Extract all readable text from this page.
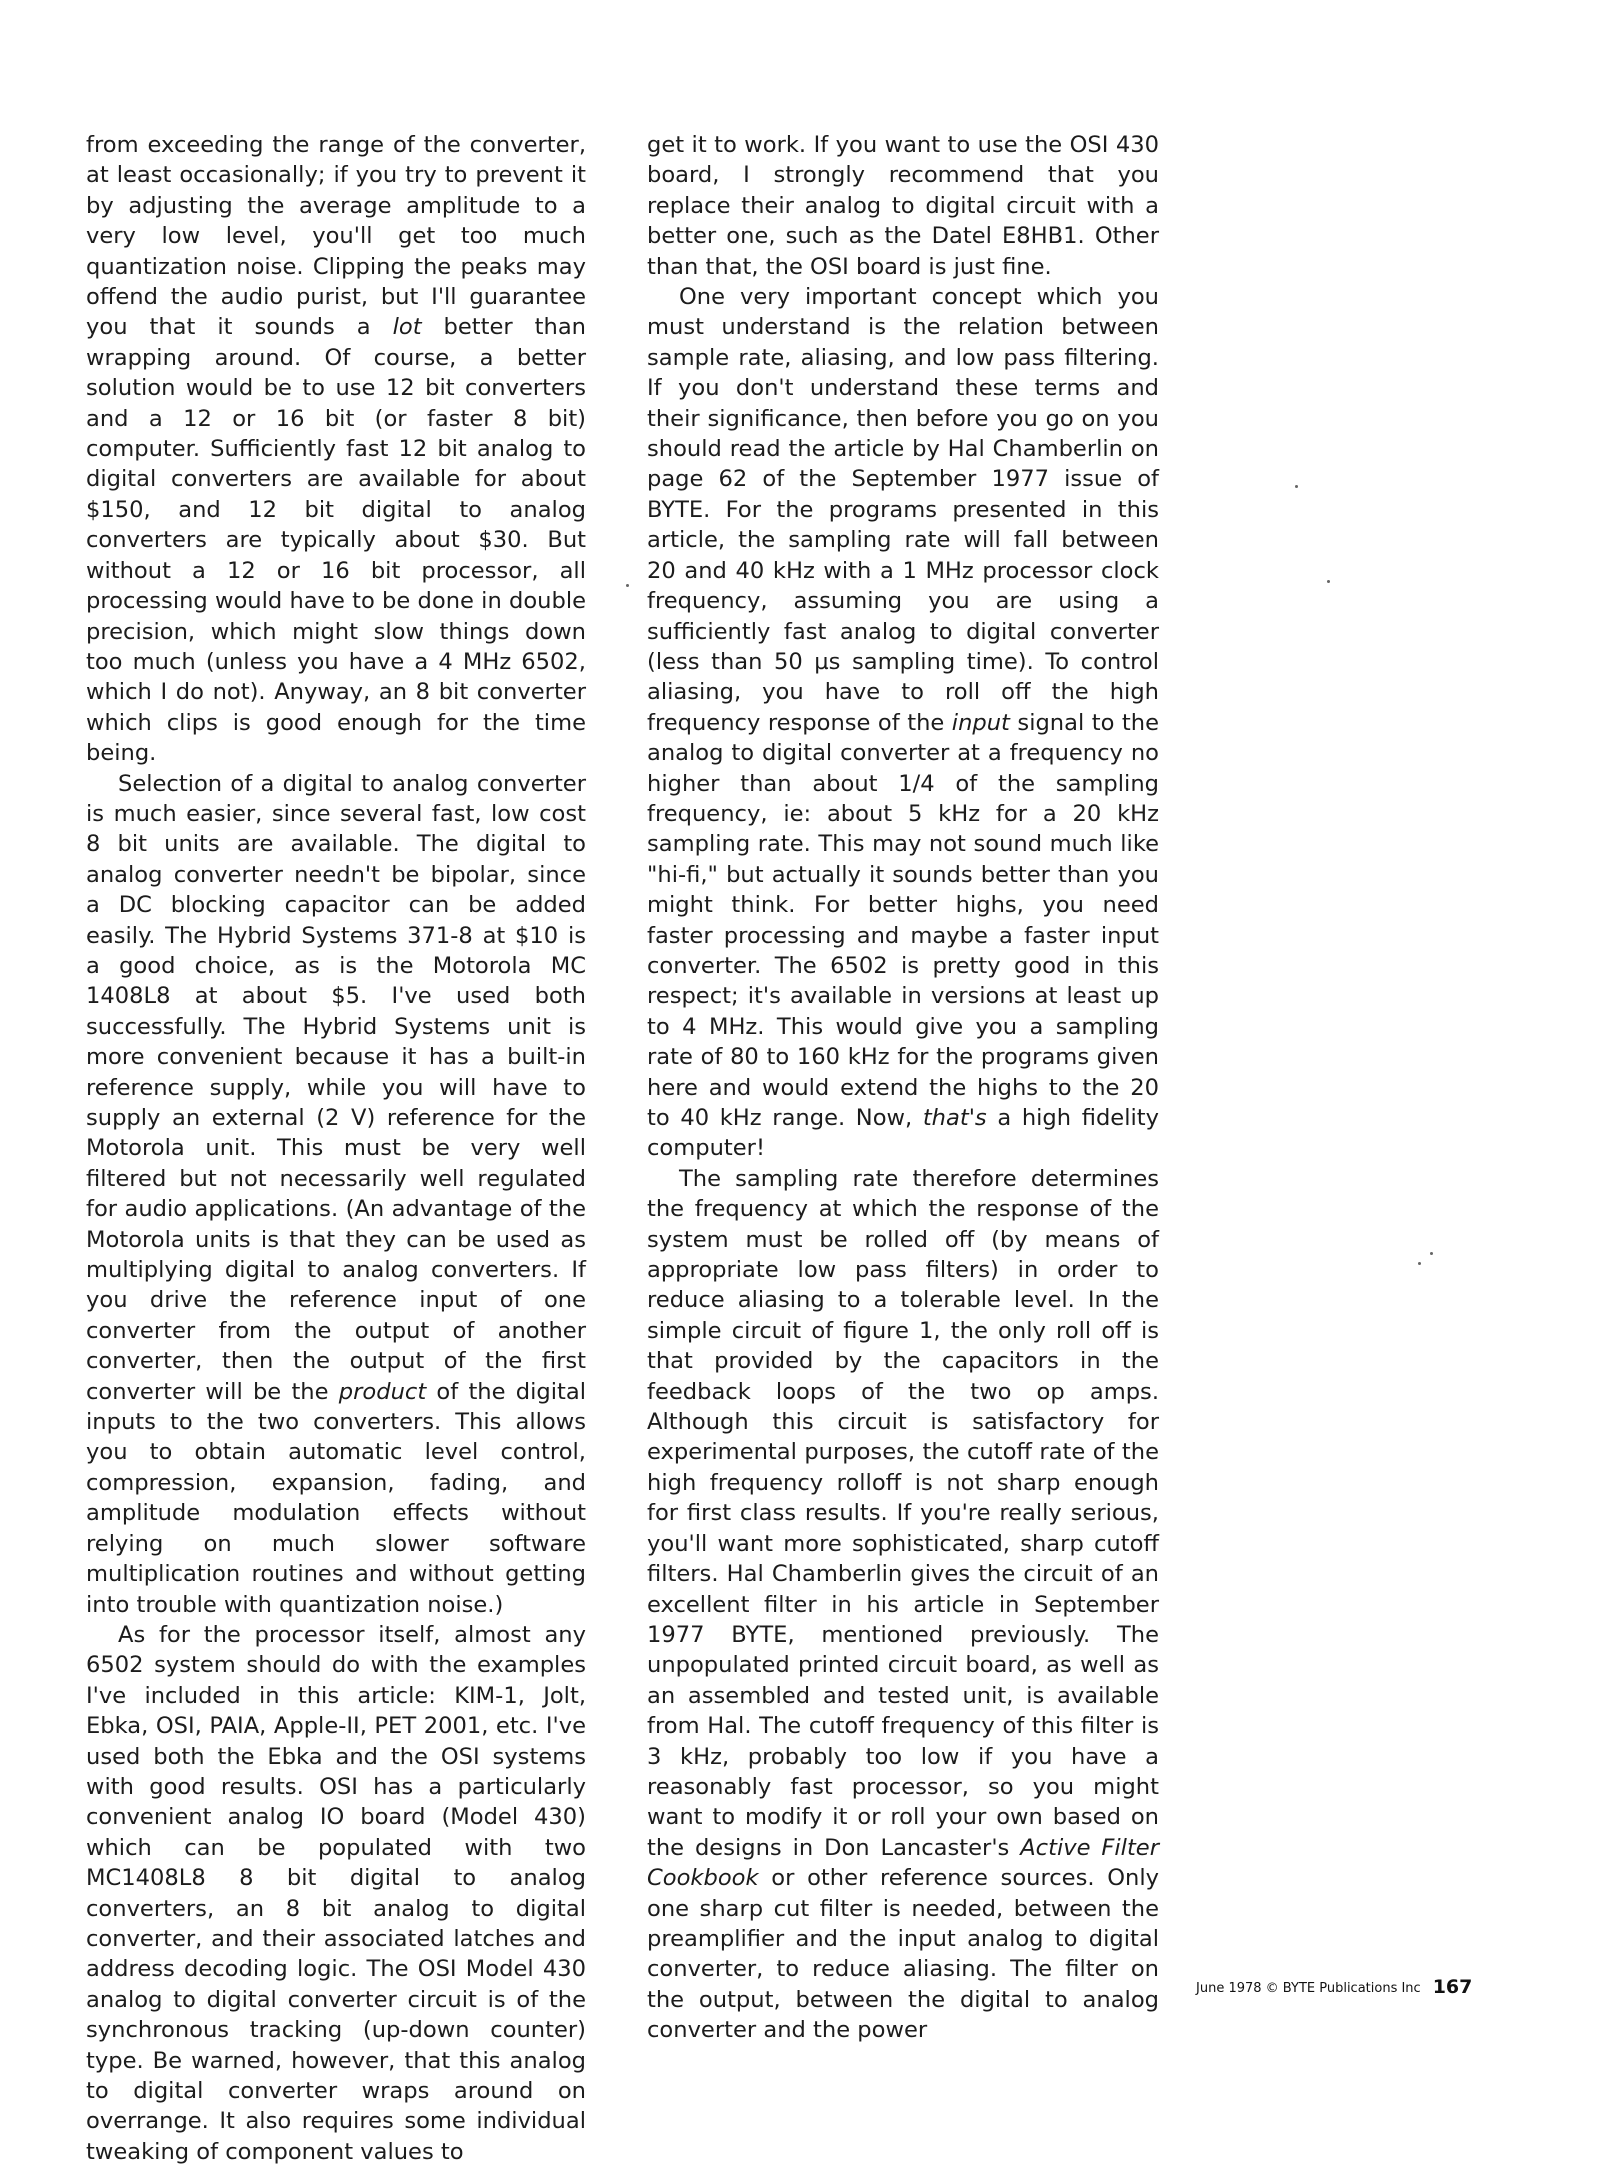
from exceeding the range of the converter, at least occasionally; if you try to prevent it by adjusting the average amplitude to a very low level, you'll get too much quantization noise. Clipping the peaks may offend the audio purist, but I'll guarantee you that it sounds a lot better than wrapping around. Of course, a better solution would be to use 12 bit converters and a 12 or 16 bit (or faster 8 bit) computer. Sufficiently fast 12 bit analog to digital converters are available for about $150, and 12 bit digital to analog converters are typically about $30. But without a 12 or 16 bit processor, all processing would have to be done in double precision, which might slow things down too much (unless you have a 4 MHz 6502, which I do not). Anyway, an 8 bit converter which clips is good enough for the time being.

Selection of a digital to analog converter is much easier, since several fast, low cost 8 bit units are available. The digital to analog converter needn't be bipolar, since a DC blocking capacitor can be added easily. The Hybrid Systems 371-8 at $10 is a good choice, as is the Motorola MC 1408L8 at about $5. I've used both successfully. The Hybrid Systems unit is more convenient because it has a built-in reference supply, while you will have to supply an external (2 V) reference for the Motorola unit. This must be very well filtered but not necessarily well regulated for audio applications. (An advantage of the Motorola units is that they can be used as multiplying digital to analog converters. If you drive the reference input of one converter from the output of another converter, then the output of the first converter will be the product of the digital inputs to the two converters. This allows you to obtain automatic level control, compression, expansion, fading, and amplitude modulation effects without relying on much slower software multiplication routines and without getting into trouble with quantization noise.)

As for the processor itself, almost any 6502 system should do with the examples I've included in this article: KIM-1, Jolt, Ebka, OSI, PAIA, Apple-II, PET 2001, etc. I've used both the Ebka and the OSI systems with good results. OSI has a particularly convenient analog IO board (Model 430) which can be populated with two MC1408L8 8 bit digital to analog converters, an 8 bit analog to digital converter, and their associated latches and address decoding logic. The OSI Model 430 analog to digital converter circuit is of the synchronous tracking (up-down counter) type. Be warned, however, that this analog to digital converter wraps around on overrange. It also requires some individual tweaking of component values to

get it to work. If you want to use the OSI 430 board, I strongly recommend that you replace their analog to digital circuit with a better one, such as the Datel E8HB1. Other than that, the OSI board is just fine.

One very important concept which you must understand is the relation between sample rate, aliasing, and low pass filtering. If you don't understand these terms and their significance, then before you go on you should read the article by Hal Chamberlin on page 62 of the September 1977 issue of BYTE. For the programs presented in this article, the sampling rate will fall between 20 and 40 kHz with a 1 MHz processor clock frequency, assuming you are using a sufficiently fast analog to digital converter (less than 50 µs sampling time). To control aliasing, you have to roll off the high frequency response of the input signal to the analog to digital converter at a frequency no higher than about 1/4 of the sampling frequency, ie: about 5 kHz for a 20 kHz sampling rate. This may not sound much like "hi-fi," but actually it sounds better than you might think. For better highs, you need faster processing and maybe a faster input converter. The 6502 is pretty good in this respect; it's available in versions at least up to 4 MHz. This would give you a sampling rate of 80 to 160 kHz for the programs given here and would extend the highs to the 20 to 40 kHz range. Now, that's a high fidelity computer!

The sampling rate therefore determines the frequency at which the response of the system must be rolled off (by means of appropriate low pass filters) in order to reduce aliasing to a tolerable level. In the simple circuit of figure 1, the only roll off is that provided by the capacitors in the feedback loops of the two op amps. Although this circuit is satisfactory for experimental purposes, the cutoff rate of the high frequency rolloff is not sharp enough for first class results. If you're really serious, you'll want more sophisticated, sharp cutoff filters. Hal Chamberlin gives the circuit of an excellent filter in his article in September 1977 BYTE, mentioned previously. The unpopulated printed circuit board, as well as an assembled and tested unit, is available from Hal. The cutoff frequency of this filter is 3 kHz, probably too low if you have a reasonably fast processor, so you might want to modify it or roll your own based on the designs in Don Lancaster's Active Filter Cookbook or other reference sources. Only one sharp cut filter is needed, between the preamplifier and the input analog to digital converter, to reduce aliasing. The filter on the output, between the digital to analog converter and the power

June 1978 © BYTE Publications Inc 167
